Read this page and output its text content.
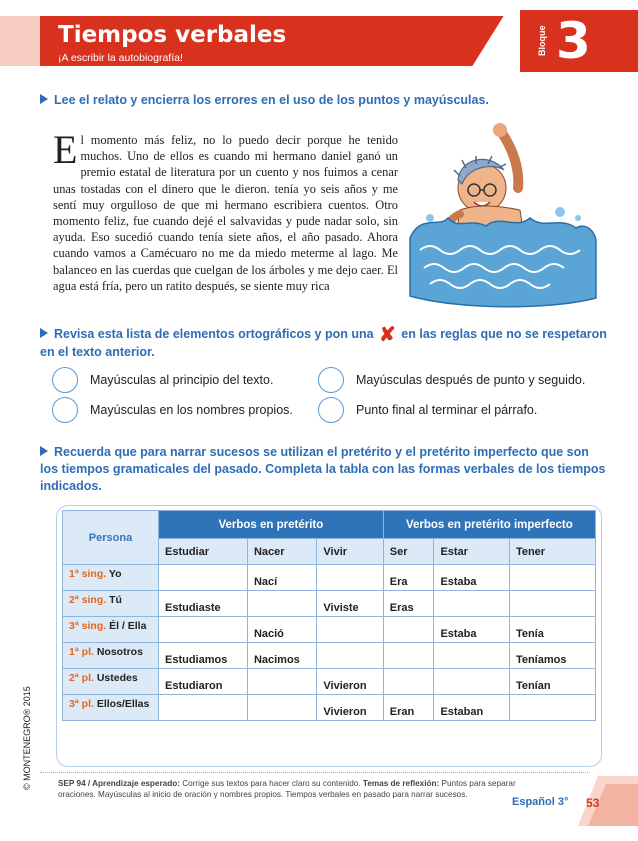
Tiempos verbales
¡A escribir la autobiografía!
Bloque 3
Lee el relato y encierra los errores en el uso de los puntos y mayúsculas.
El momento más feliz, no lo puedo decir porque he tenido muchos. Uno de ellos es cuando mi hermano daniel ganó un premio estatal de literatura por un cuento y nos fuimos a cenar unas tostadas con el dinero que le dieron. tenía yo seis años y me sentí muy orgulloso de que mi hermano escribiera cuentos. Otro momento feliz, fue cuando dejé el salvavidas y pude nadar solo, sin ayuda. Eso sucedió cuando tenía siete años, el año pasado. Ahora cuando vamos a Camécuaro no me da miedo meterme al lago. Me balanceo en las cuerdas que cuelgan de los árboles y me dejo caer. El agua está fría, pero un ratito después, se siente muy rica
Revisa esta lista de elementos ortográficos y pon una ✘ en las reglas que no se respetaron en el texto anterior.
Mayúsculas al principio del texto.	Mayúsculas después de punto y seguido.
Mayúsculas en los nombres propios.	Punto final al terminar el párrafo.
Recuerda que para narrar sucesos se utilizan el pretérito y el pretérito imperfecto que son los tiempos gramaticales del pasado. Completa la tabla con las formas verbales de los tiempos indicados.
Persona	Verbos en pretérito			Verbos en pretérito imperfecto		
	Estudiar	Nacer	Vivir	Ser	Estar	Tener
1ª sing. Yo		Nací		Era	Estaba	
2ª sing. Tú	Estudiaste		Viviste	Eras		
3ª sing. Él / Ella		Nació			Estaba	Tenía
1ª pl. Nosotros	Estudiamos	Nacimos				Teníamos
2ª pl. Ustedes	Estudiaron		Vivieron			Tenían
3ª pl. Ellos/Ellas			Vivieron	Eran	Estaban	
© MONTENEGRO® 2015	SEP 94 / Aprendizaje esperado: Corrige sus textos para hacer claro su contenido. Temas de reflexión: Puntos para separar oraciones. Mayúsculas al inicio de oración y nombres propios. Tiempos verbales en pasado para narrar sucesos.
Español 3° 53
